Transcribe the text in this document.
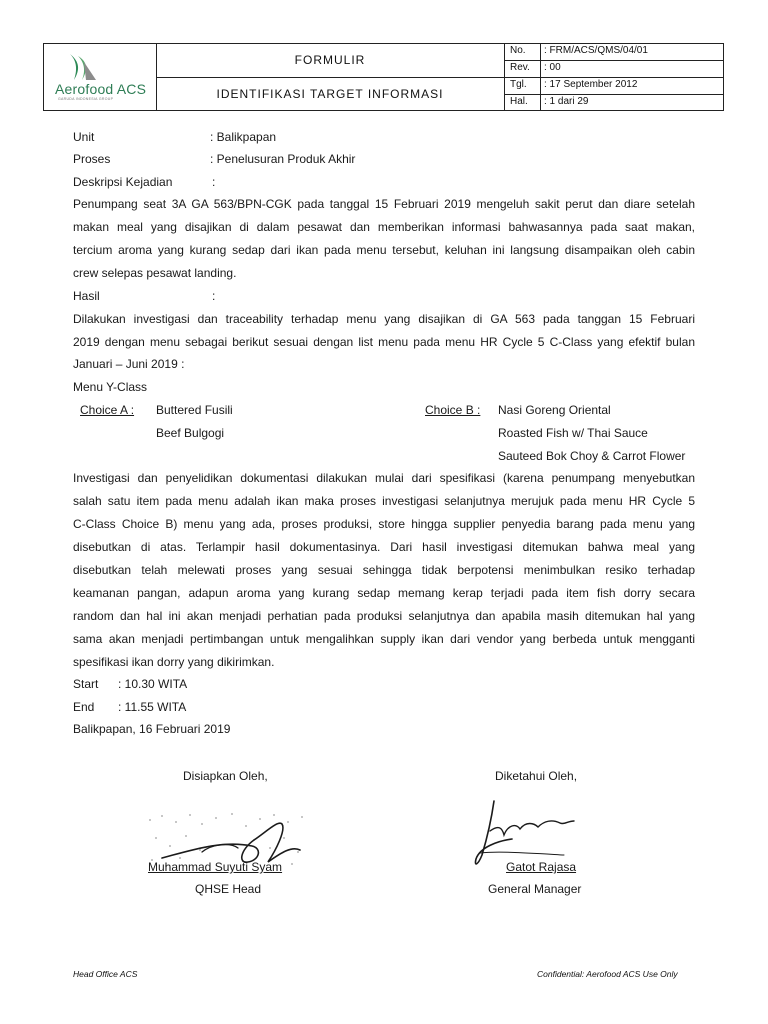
Aerofood ACS
GARUDA INDONESIA GROUP
FORMULIR
IDENTIFIKASI TARGET INFORMASI
No. : FRM/ACS/QMS/04/01
Rev. : 00
Tgl. : 17 September 2012
Hal. : 1 dari 29
Unit	: Balikpapan
Proses	: Penelusuran Produk Akhir
Deskripsi Kejadian	:
Penumpang seat 3A GA 563/BPN-CGK pada tanggal 15 Februari 2019 mengeluh sakit perut dan diare setelah
makan meal yang disajikan di dalam pesawat dan memberikan informasi bahwasannya pada saat makan,
tercium aroma yang kurang sedap dari ikan pada menu tersebut, keluhan ini langsung disampaikan oleh cabin
crew selepas pesawat landing.
Hasil	:
Dilakukan investigasi dan traceability terhadap menu yang disajikan di GA 563 pada tanggan 15 Februari
2019 dengan menu sebagai berikut sesuai dengan list menu pada menu HR Cycle 5 C-Class yang efektif bulan
Januari – Juni 2019 :
Menu Y-Class
Choice A : Buttered Fusili
Beef Bulgogi
Choice B : Nasi Goreng Oriental
Roasted Fish w/ Thai Sauce
Sauteed Bok Choy & Carrot Flower
Investigasi dan penyelidikan dokumentasi dilakukan mulai dari spesifikasi (karena penumpang menyebutkan
salah satu item pada menu adalah ikan maka proses investigasi selanjutnya merujuk pada menu HR Cycle 5
C-Class Choice B) menu yang ada, proses produksi, store hingga supplier penyedia barang pada menu yang
disebutkan di atas. Terlampir hasil dokumentasinya. Dari hasil investigasi ditemukan bahwa meal yang
disebutkan telah melewati proses yang sesuai sehingga tidak berpotensi menimbulkan resiko terhadap
keamanan pangan, adapun aroma yang kurang sedap memang kerap terjadi pada item fish dorry secara
random dan hal ini akan menjadi perhatian pada produksi selanjutnya dan apabila masih ditemukan hal yang
sama akan menjadi pertimbangan untuk mengalihkan supply ikan dari vendor yang berbeda untuk mengganti
spesifikasi ikan dorry yang dikirimkan.
Start : 10.30 WITA
End : 11.55 WITA
Balikpapan, 16 Februari 2019
Disiapkan Oleh,	Diketahui Oleh,
Muhammad Suyuti Syam
QHSE Head
Gatot Rajasa
General Manager
Head Office ACS	Confidential: Aerofood ACS Use Only
